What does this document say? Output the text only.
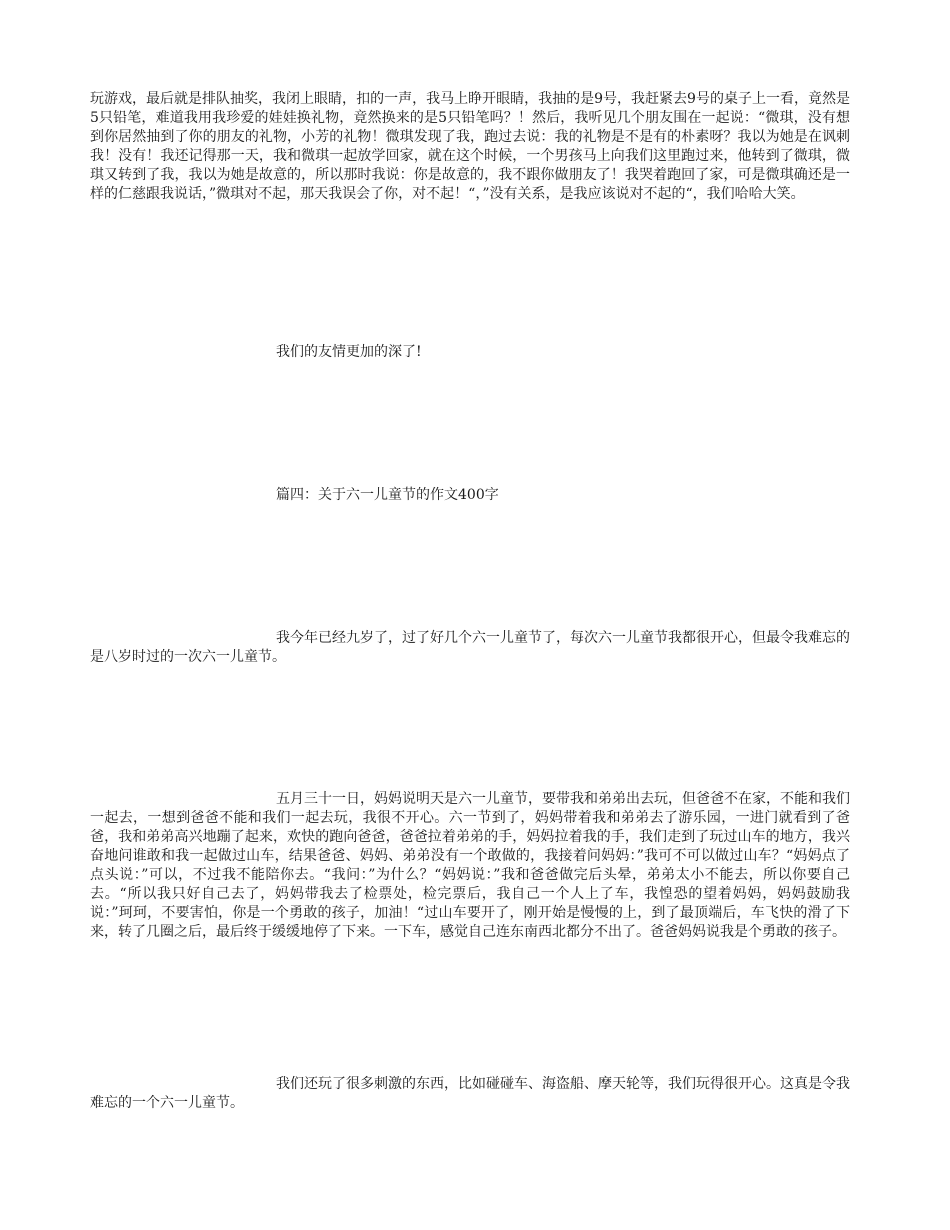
玩游戏，最后就是排队抽奖，我闭上眼睛，扣的一声，我马上睁开眼睛，我抽的是9号，我赶紧去9号的桌子上一看，竟然是5只铅笔，难道我用我珍爱的娃娃换礼物，竟然换来的是5只铅笔吗？！然后，我听见几个朋友围在一起说：“微琪，没有想到你居然抽到了你的朋友的礼物，小芳的礼物！微琪发现了我，跑过去说：我的礼物是不是有的朴素呀？我以为她是在讽刺我！没有！我还记得那一天，我和微琪一起放学回家，就在这个时候，一个男孩马上向我们这里跑过来，他转到了微琪，微琪又转到了我，我以为她是故意的，所以那时我说：你是故意的，我不跟你做朋友了！我哭着跑回了家，可是微琪确还是一样的仁慈跟我说话，”微琪对不起，那天我误会了你，对不起！“，”没有关系，是我应该说对不起的“，我们哈哈大笑。

我们的友情更加的深了!

篇四：关于六一儿童节的作文400字

我今年已经九岁了，过了好几个六一儿童节了，每次六一儿童节我都很开心，但最令我难忘的是八岁时过的一次六一儿童节。

五月三十一日，妈妈说明天是六一儿童节，要带我和弟弟出去玩，但爸爸不在家，不能和我们一起去，一想到爸爸不能和我们一起去玩，我很不开心。六一节到了，妈妈带着我和弟弟去了游乐园，一进门就看到了爸爸，我和弟弟高兴地蹦了起来，欢快的跑向爸爸，爸爸拉着弟弟的手，妈妈拉着我的手，我们走到了玩过山车的地方，我兴奋地问谁敢和我一起做过山车，结果爸爸、妈妈、弟弟没有一个敢做的，我接着问妈妈：”我可不可以做过山车？“妈妈点了点头说：”可以，不过我不能陪你去。“我问：”为什么？“妈妈说：”我和爸爸做完后头晕，弟弟太小不能去，所以你要自己去。“所以我只好自己去了，妈妈带我去了检票处，检完票后，我自己一个人上了车，我惶恐的望着妈妈，妈妈鼓励我说：”珂珂，不要害怕，你是一个勇敢的孩子，加油！“过山车要开了，刚开始是慢慢的上，到了最顶端后，车飞快的滑了下来，转了几圈之后，最后终于缓缓地停了下来。一下车，感觉自己连东南西北都分不出了。爸爸妈妈说我是个勇敢的孩子。

我们还玩了很多刺激的东西，比如碰碰车、海盗船、摩天轮等，我们玩得很开心。这真是令我难忘的一个六一儿童节。
